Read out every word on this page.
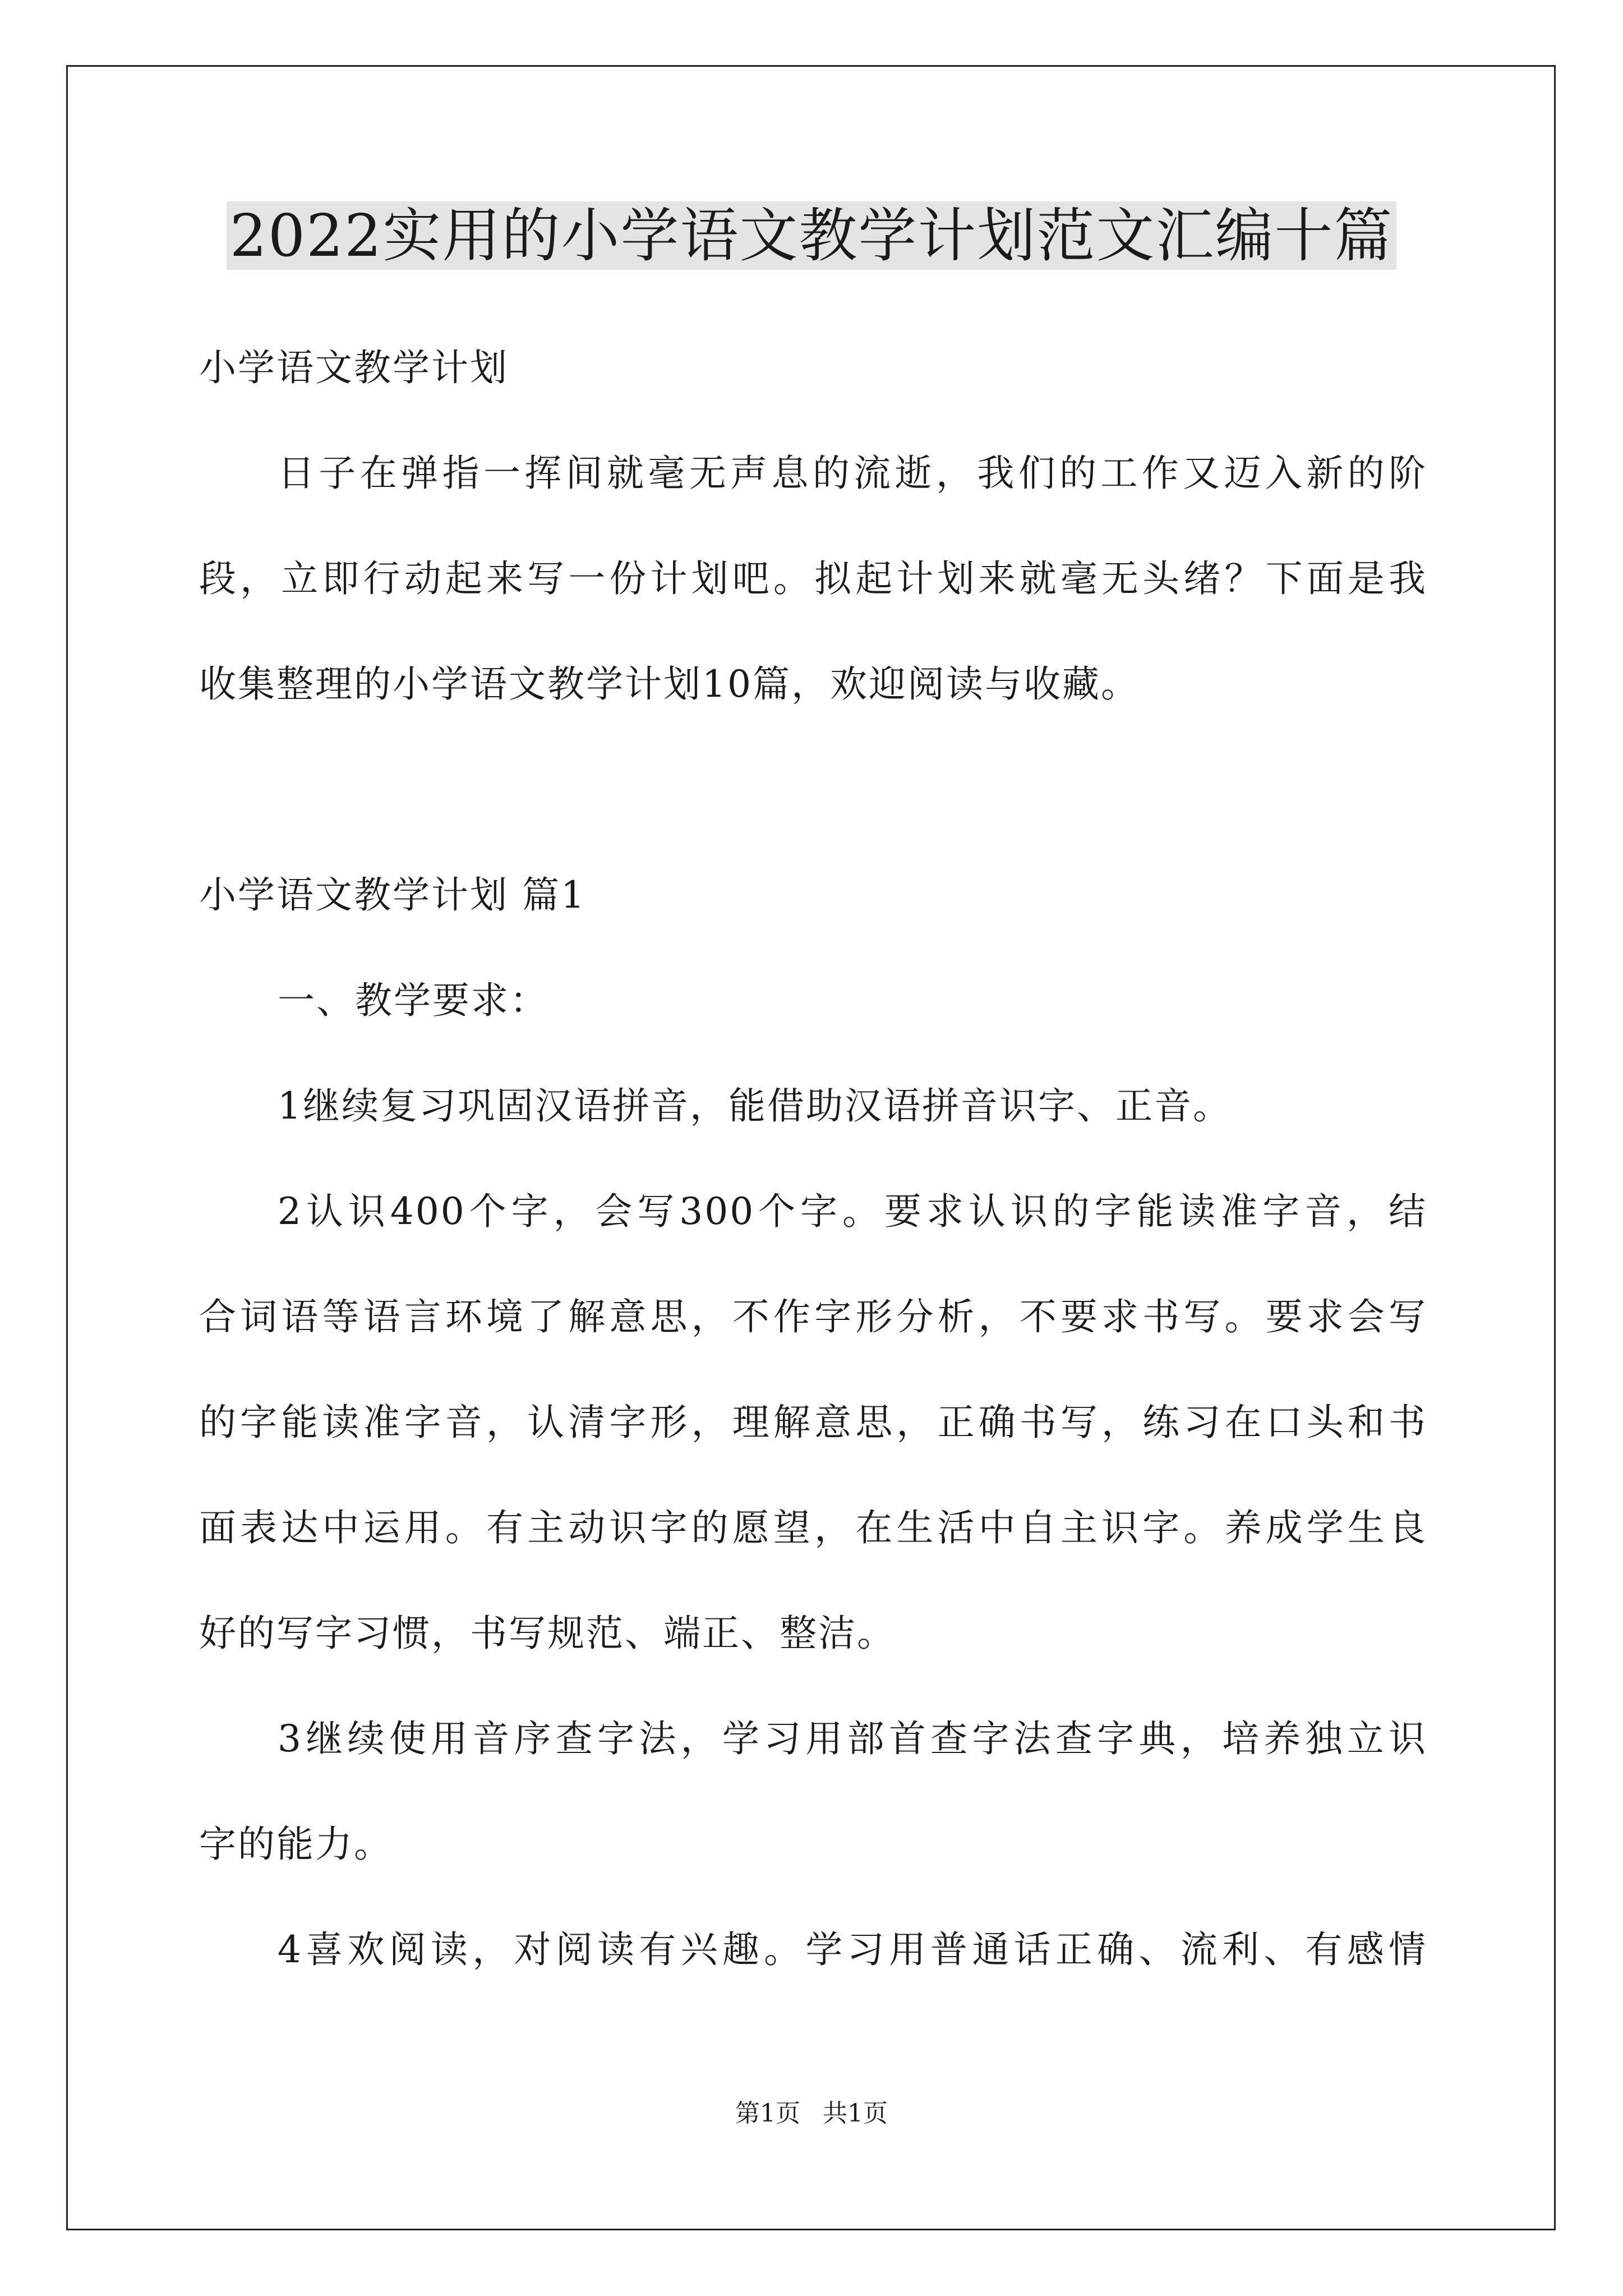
2022实用的小学语文教学计划范文汇编十篇
小学语文教学计划
日子在弹指一挥间就毫无声息的流逝，我们的工作又迈入新的阶
段，立即行动起来写一份计划吧。拟起计划来就毫无头绪？下面是我
收集整理的小学语文教学计划10篇，欢迎阅读与收藏。
小学语文教学计划 篇1
一、教学要求：
1继续复习巩固汉语拼音，能借助汉语拼音识字、正音。
2认识400个字，会写300个字。要求认识的字能读准字音，结
合词语等语言环境了解意思，不作字形分析，不要求书写。要求会写
的字能读准字音，认清字形，理解意思，正确书写，练习在口头和书
面表达中运用。有主动识字的愿望，在生活中自主识字。养成学生良
好的写字习惯，书写规范、端正、整洁。
3继续使用音序查字法，学习用部首查字法查字典，培养独立识
字的能力。
4喜欢阅读，对阅读有兴趣。学习用普通话正确、流利、有感情
第1页 共1页
